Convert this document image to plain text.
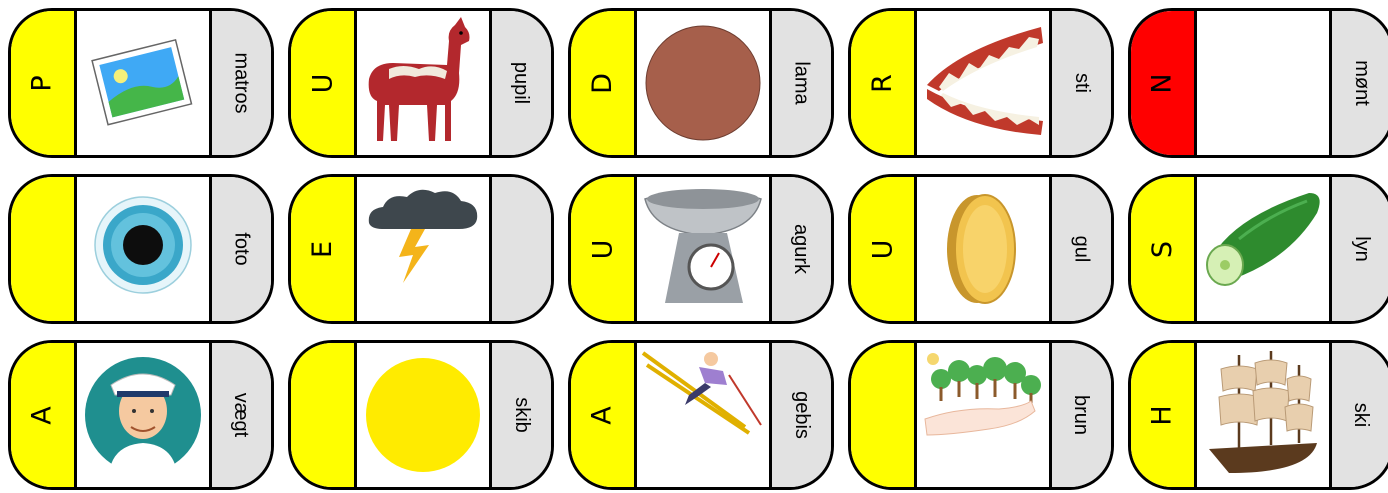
P	matros U	pupil D	lama R	sti N	mønt
foto E	U	agurk U	gul S	lyn
A	vægt	skib A	gebis	brun H	ski
